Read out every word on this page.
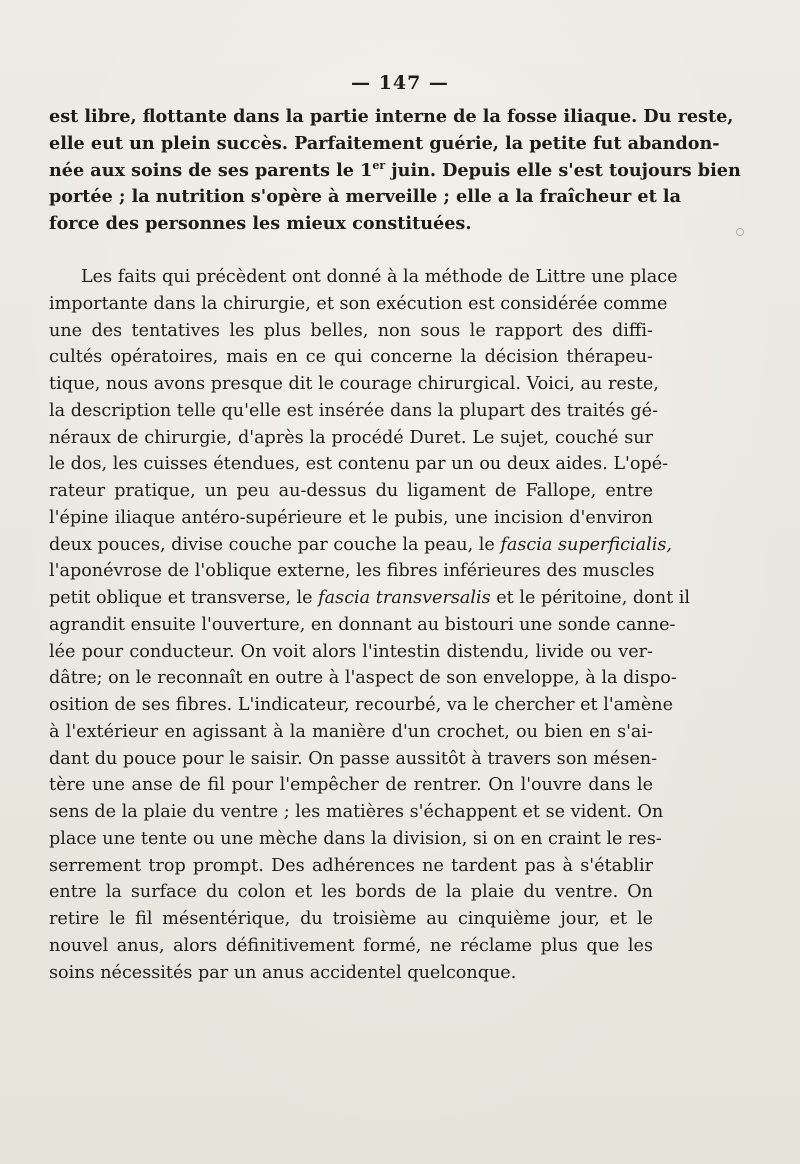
— 147 —
est libre, flottante dans la partie interne de la fosse iliaque. Du reste,
elle eut un plein succès. Parfaitement guérie, la petite fut abandon-
née aux soins de ses parents le 1er juin. Depuis elle s'est toujours bien
portée ; la nutrition s'opère à merveille ; elle a la fraîcheur et la
force des personnes les mieux constituées.
Les faits qui précèdent ont donné à la méthode de Littre une place
importante dans la chirurgie, et son exécution est considérée comme
une des tentatives les plus belles, non sous le rapport des diffi-
cultés opératoires, mais en ce qui concerne la décision thérapeu-
tique, nous avons presque dit le courage chirurgical. Voici, au reste,
la description telle qu'elle est insérée dans la plupart des traités gé-
néraux de chirurgie, d'après la procédé Duret. Le sujet, couché sur
le dos, les cuisses étendues, est contenu par un ou deux aides. L'opé-
rateur pratique, un peu au-dessus du ligament de Fallope, entre
l'épine iliaque antéro-supérieure et le pubis, une incision d'environ
deux pouces, divise couche par couche la peau, le fascia superficialis,
l'aponévrose de l'oblique externe, les fibres inférieures des muscles
petit oblique et transverse, le fascia transversalis et le péritoine, dont il
agrandit ensuite l'ouverture, en donnant au bistouri une sonde canne-
lée pour conducteur. On voit alors l'intestin distendu, livide ou ver-
dâtre; on le reconnaît en outre à l'aspect de son enveloppe, à la dispo-
osition de ses fibres. L'indicateur, recourbé, va le chercher et l'amène
à l'extérieur en agissant à la manière d'un crochet, ou bien en s'ai-
dant du pouce pour le saisir. On passe aussitôt à travers son mésen-
tère une anse de fil pour l'empêcher de rentrer. On l'ouvre dans le
sens de la plaie du ventre ; les matières s'échappent et se vident. On
place une tente ou une mèche dans la division, si on en craint le res-
serrement trop prompt. Des adhérences ne tardent pas à s'établir
entre la surface du colon et les bords de la plaie du ventre. On
retire le fil mésentérique, du troisième au cinquième jour, et le
nouvel anus, alors définitivement formé, ne réclame plus que les
soins nécessités par un anus accidentel quelconque.
